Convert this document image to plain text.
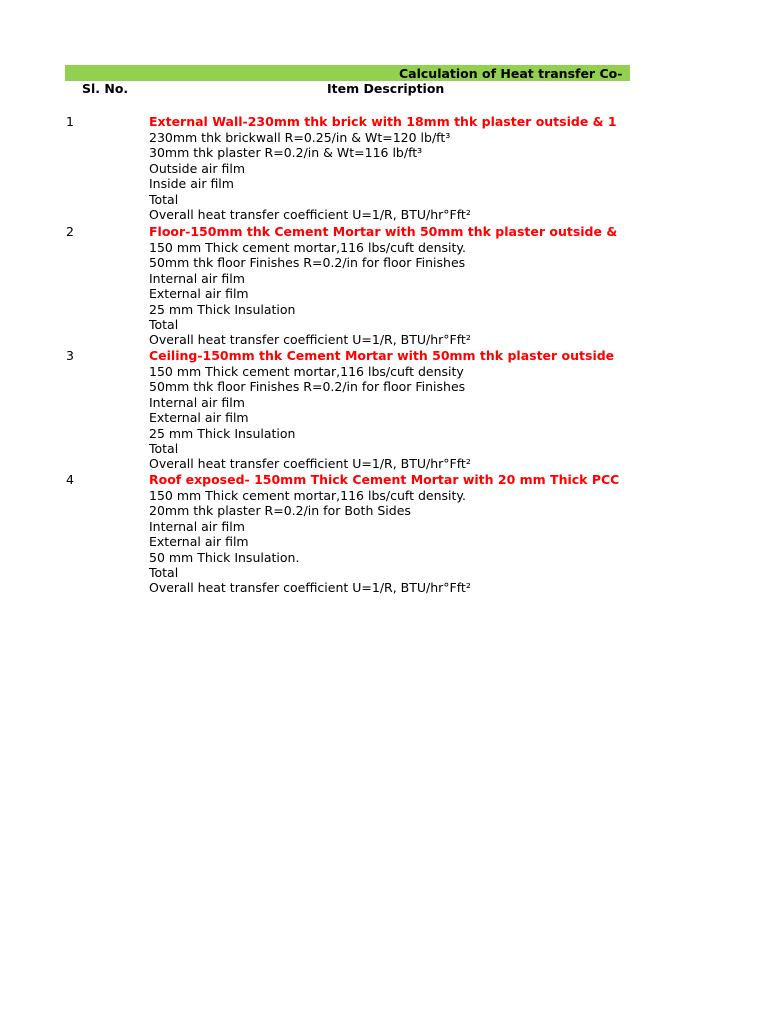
Calculation of Heat transfer Co-
Sl. No.	Item Description
1	External Wall-230mm thk brick with 18mm thk plaster outside & 1
230mm thk brickwall R=0.25/in & Wt=120 lb/ft³
30mm thk plaster R=0.2/in & Wt=116 lb/ft³
Outside air film
Inside air film
Total
Overall heat transfer coefficient U=1/R, BTU/hr°Fft²
2	Floor-150mm thk Cement Mortar with 50mm thk plaster outside &
150 mm Thick cement mortar,116 lbs/cuft density.
50mm thk floor Finishes R=0.2/in for floor Finishes
Internal air film
External air film
25 mm Thick Insulation
Total
Overall heat transfer coefficient U=1/R, BTU/hr°Fft²
3	Ceiling-150mm thk Cement Mortar with 50mm thk plaster outside
150 mm Thick cement mortar,116 lbs/cuft density
50mm thk floor Finishes R=0.2/in for floor Finishes
Internal air film
External air film
25 mm Thick Insulation
Total
Overall heat transfer coefficient U=1/R, BTU/hr°Fft²
4	Roof exposed- 150mm Thick Cement Mortar with 20 mm Thick PCC
150 mm Thick cement mortar,116 lbs/cuft density.
20mm thk plaster R=0.2/in for Both Sides
Internal air film
External air film
50 mm Thick Insulation.
Total
Overall heat transfer coefficient U=1/R, BTU/hr°Fft²
